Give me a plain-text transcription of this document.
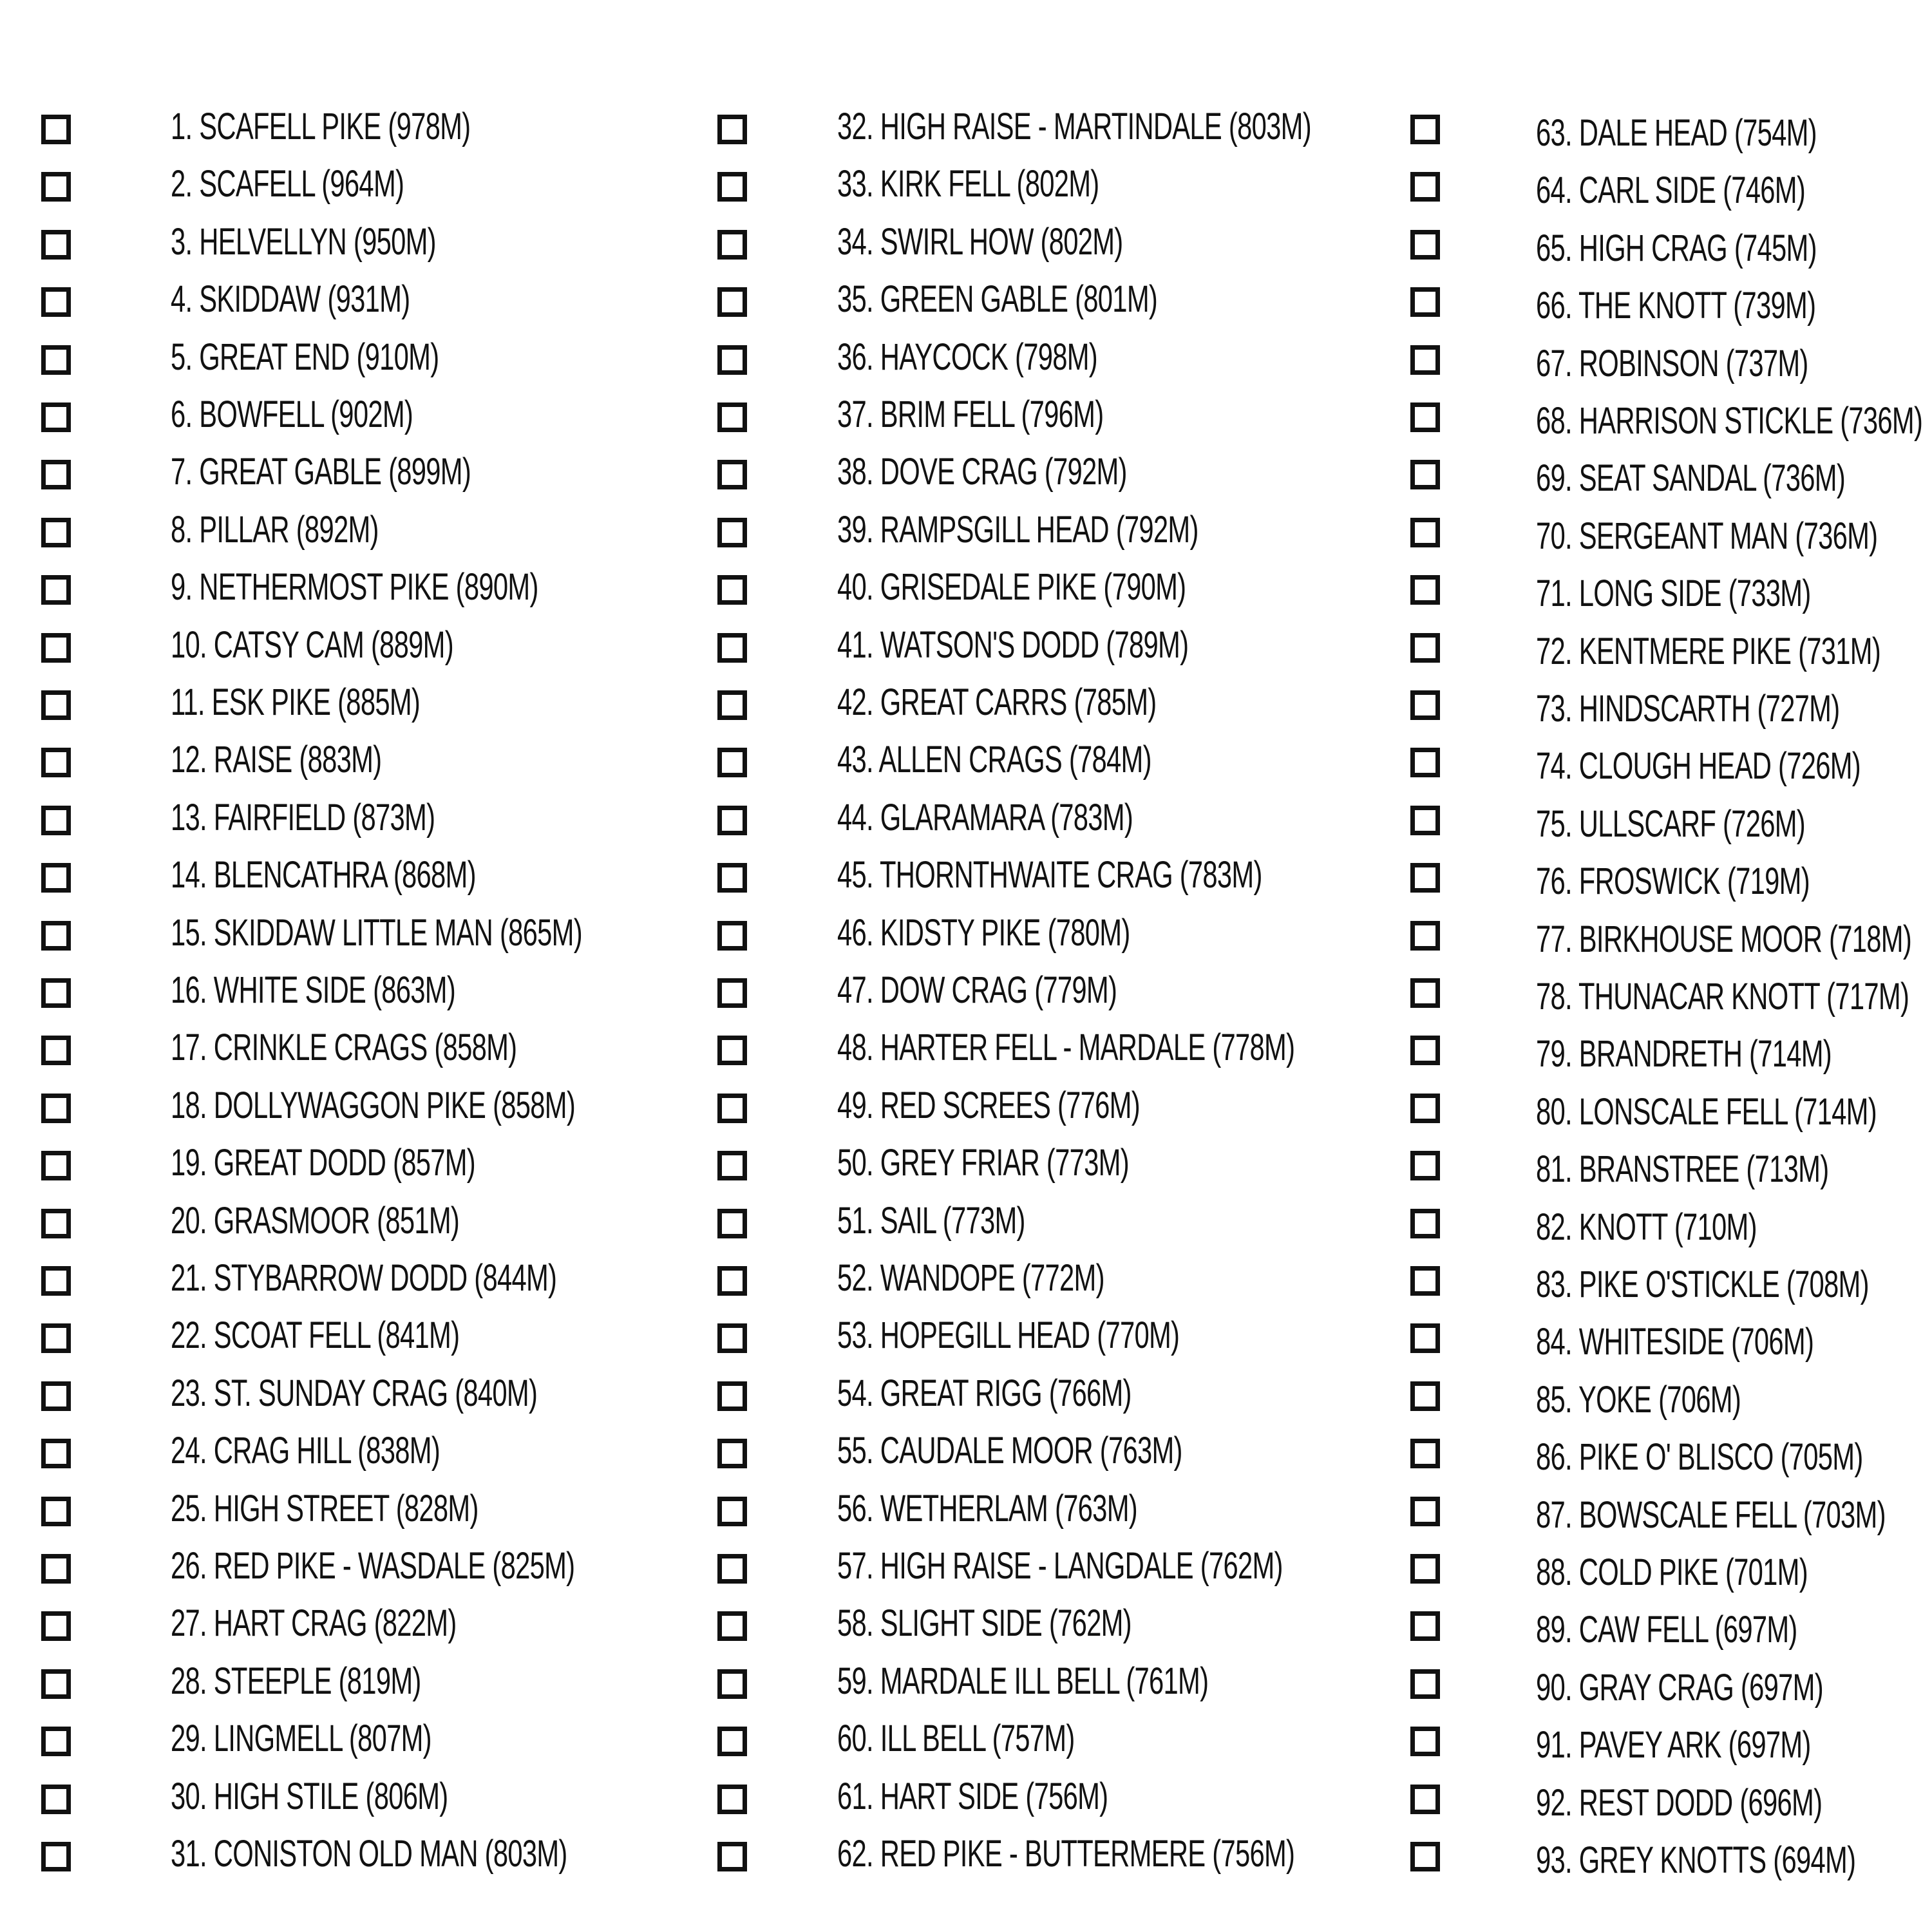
1. SCAFELL PIKE (978M)
2. SCAFELL (964M)
3. HELVELLYN (950M)
4. SKIDDAW (931M)
5. GREAT END (910M)
6. BOWFELL (902M)
7. GREAT GABLE (899M)
8. PILLAR (892M)
9. NETHERMOST PIKE (890M)
10. CATSY CAM (889M)
11. ESK PIKE (885M)
12. RAISE (883M)
13. FAIRFIELD (873M)
14. BLENCATHRA (868M)
15. SKIDDAW LITTLE MAN (865M)
16. WHITE SIDE (863M)
17. CRINKLE CRAGS (858M)
18. DOLLYWAGGON PIKE (858M)
19. GREAT DODD (857M)
20. GRASMOOR (851M)
21. STYBARROW DODD (844M)
22. SCOAT FELL (841M)
23. ST. SUNDAY CRAG (840M)
24. CRAG HILL (838M)
25. HIGH STREET (828M)
26. RED PIKE - WASDALE (825M)
27. HART CRAG (822M)
28. STEEPLE (819M)
29. LINGMELL (807M)
30. HIGH STILE (806M)
31. CONISTON OLD MAN (803M)
32. HIGH RAISE - MARTINDALE (803M)
33. KIRK FELL (802M)
34. SWIRL HOW (802M)
35. GREEN GABLE (801M)
36. HAYCOCK (798M)
37. BRIM FELL (796M)
38. DOVE CRAG (792M)
39. RAMPSGILL HEAD (792M)
40. GRISEDALE PIKE (790M)
41. WATSON'S DODD (789M)
42. GREAT CARRS (785M)
43. ALLEN CRAGS (784M)
44. GLARAMARA (783M)
45. THORNTHWAITE CRAG (783M)
46. KIDSTY PIKE (780M)
47. DOW CRAG (779M)
48. HARTER FELL - MARDALE (778M)
49. RED SCREES (776M)
50. GREY FRIAR (773M)
51. SAIL (773M)
52. WANDOPE (772M)
53. HOPEGILL HEAD (770M)
54. GREAT RIGG (766M)
55. CAUDALE MOOR (763M)
56. WETHERLAM (763M)
57. HIGH RAISE - LANGDALE (762M)
58. SLIGHT SIDE (762M)
59. MARDALE ILL BELL (761M)
60. ILL BELL (757M)
61. HART SIDE (756M)
62. RED PIKE - BUTTERMERE (756M)
63. DALE HEAD (754M)
64. CARL SIDE (746M)
65. HIGH CRAG (745M)
66. THE KNOTT (739M)
67. ROBINSON (737M)
68. HARRISON STICKLE (736M)
69. SEAT SANDAL (736M)
70. SERGEANT MAN (736M)
71. LONG SIDE (733M)
72. KENTMERE PIKE (731M)
73. HINDSCARTH (727M)
74. CLOUGH HEAD (726M)
75. ULLSCARF (726M)
76. FROSWICK (719M)
77. BIRKHOUSE MOOR (718M)
78. THUNACAR KNOTT (717M)
79. BRANDRETH (714M)
80. LONSCALE FELL (714M)
81. BRANSTREE (713M)
82. KNOTT (710M)
83. PIKE O'STICKLE (708M)
84. WHITESIDE (706M)
85. YOKE (706M)
86. PIKE O' BLISCO (705M)
87. BOWSCALE FELL (703M)
88. COLD PIKE (701M)
89. CAW FELL (697M)
90. GRAY CRAG (697M)
91. PAVEY ARK (697M)
92. REST DODD (696M)
93. GREY KNOTTS (694M)
